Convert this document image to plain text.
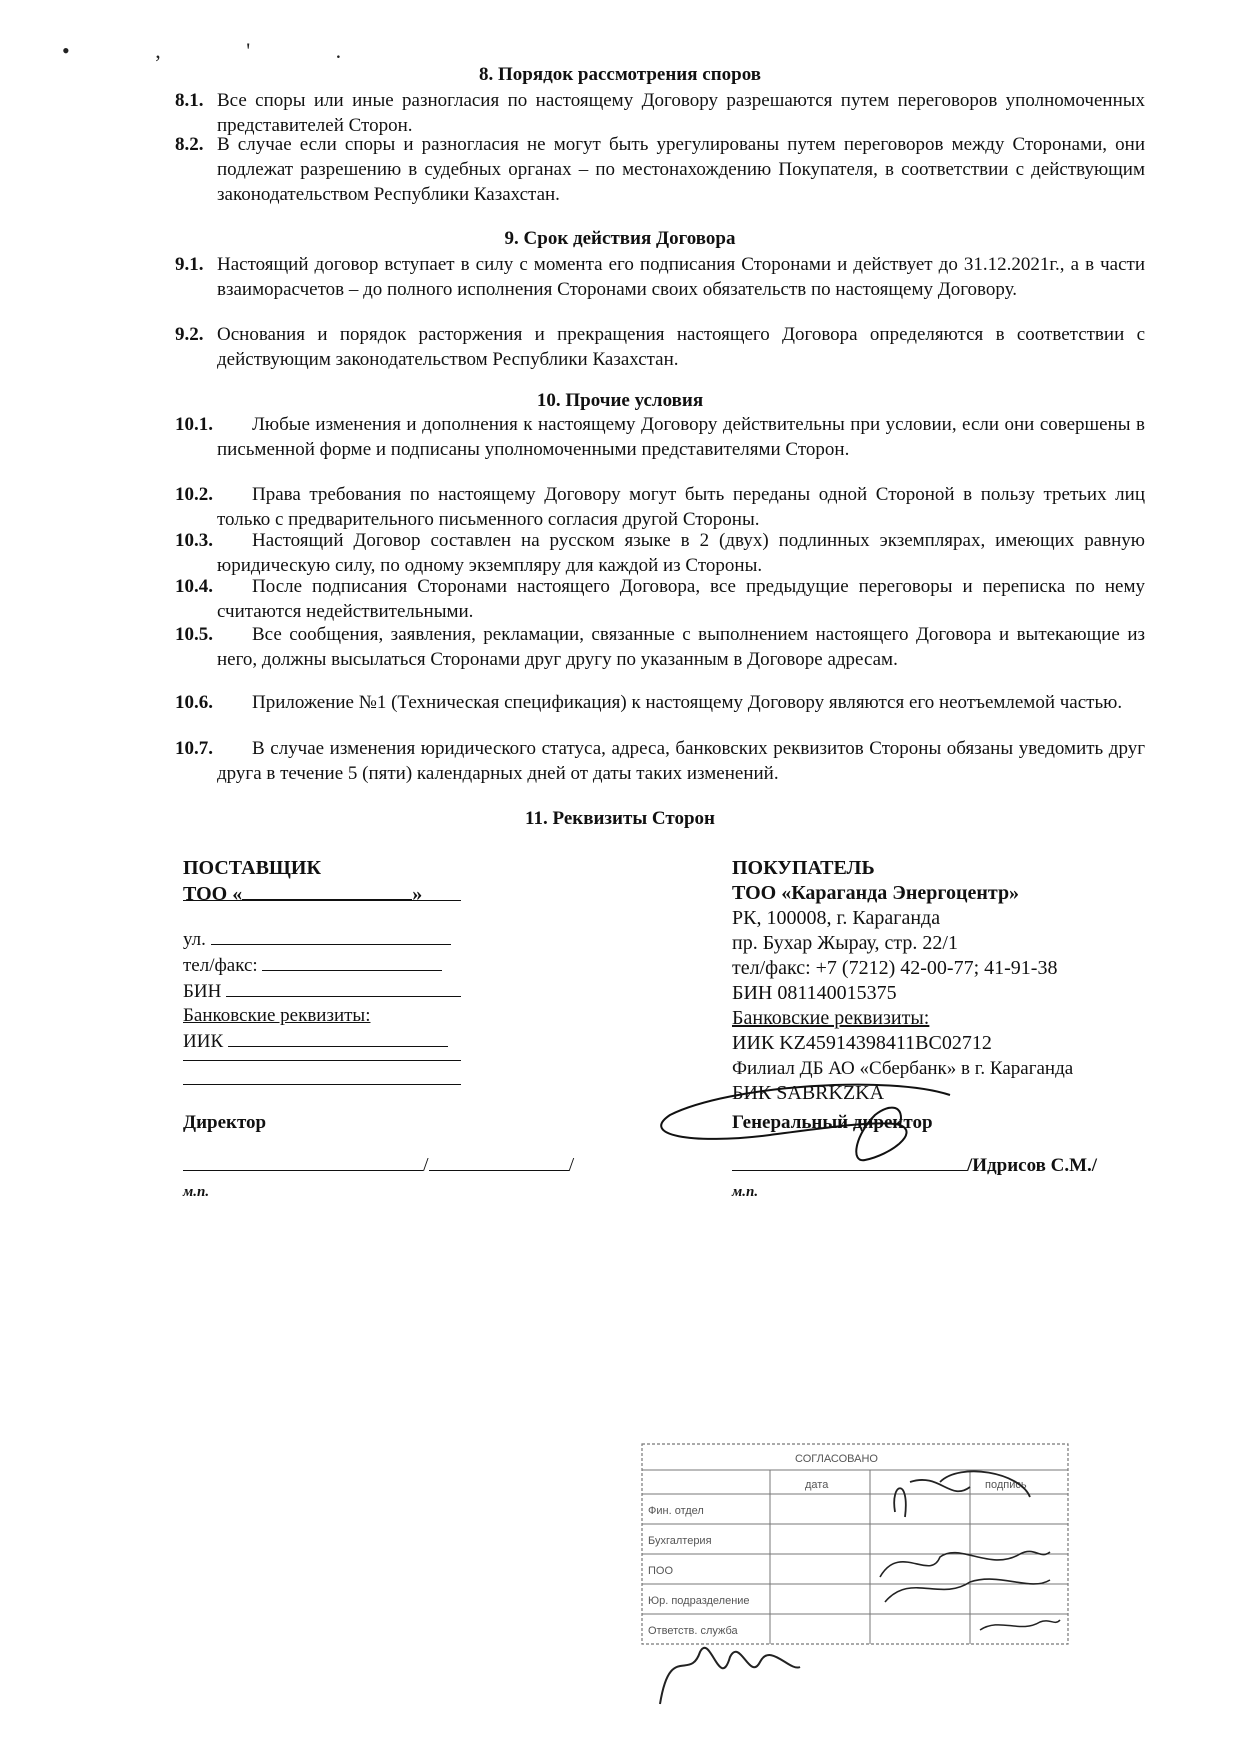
• , ' .
8. Порядок рассмотрения споров
8.1. Все споры или иные разногласия по настоящему Договору разрешаются путем переговоров уполномоченных представителей Сторон.
8.2. В случае если споры и разногласия не могут быть урегулированы путем переговоров между Сторонами, они подлежат разрешению в судебных органах – по местонахождению Покупателя, в соответствии с действующим законодательством Республики Казахстан.
9. Срок действия Договора
9.1. Настоящий договор вступает в силу с момента его подписания Сторонами и действует до 31.12.2021г., а в части взаиморасчетов – до полного исполнения Сторонами своих обязательств по настоящему Договору.
9.2. Основания и порядок расторжения и прекращения настоящего Договора определяются в соответствии с действующим законодательством Республики Казахстан.
10. Прочие условия
10.1.	Любые изменения и дополнения к настоящему Договору действительны при условии, если они совершены в письменной форме и подписаны уполномоченными представителями Сторон.
10.2.	Права требования по настоящему Договору могут быть переданы одной Стороной в пользу третьих лиц только с предварительного письменного согласия другой Стороны.
10.3.	Настоящий Договор составлен на русском языке в 2 (двух) подлинных экземплярах, имеющих равную юридическую силу, по одному экземпляру для каждой из Стороны.
10.4.	После подписания Сторонами настоящего Договора, все предыдущие переговоры и переписка по нему считаются недействительными.
10.5.	Все сообщения, заявления, рекламации, связанные с выполнением настоящего Договора и вытекающие из него, должны высылаться Сторонами друг другу по указанным в Договоре адресам.
10.6.	Приложение №1 (Техническая спецификация) к настоящему Договору являются его неотъемлемой частью.
10.7.	В случае изменения юридического статуса, адреса, банковских реквизитов Стороны обязаны уведомить друг друга в течение 5 (пяти) календарных дней от даты таких изменений.
11. Реквизиты Сторон
ПОСТАВЩИК
ТОО «	»
ул.
тел/факс:
БИН
Банковские реквизиты:
ИИК
Директор
/	/
м.п.
ПОКУПАТЕЛЬ
ТОО «Караганда Энергоцентр»
РК, 100008, г. Караганда
пр. Бухар Жырау, стр. 22/1
тел/факс: +7 (7212) 42-00-77; 41-91-38
БИН 081140015375
Банковские реквизиты:
ИИК KZ45914398411BC02712
Филиал ДБ АО «Сбербанк» в г. Караганда
БИК SABRKZKA
Генеральный директор
/Идрисов С.М./
м.п.
СОГЛАСОВАНО
дата	подпись
Фин. отдел
Бухгалтерия
ПОО
Юр. подразделение
Ответств. служба
